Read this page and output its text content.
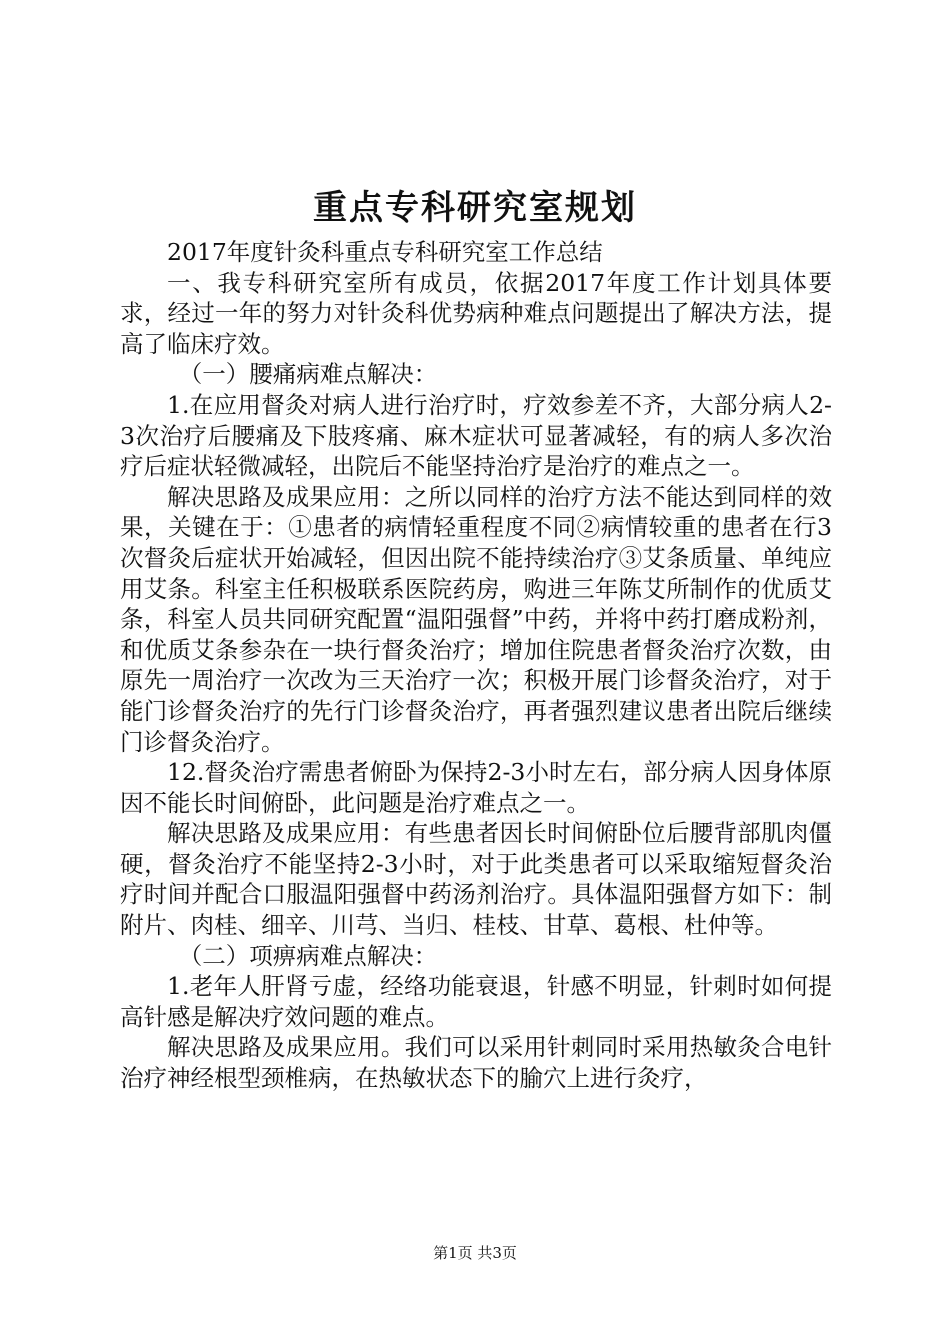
重点专科研究室规划

2017年度针灸科重点专科研究室工作总结

一、我专科研究室所有成员，依据2017年度工作计划具体要求，经过一年的努力对针灸科优势病种难点问题提出了解决方法，提高了临床疗效。

（一）腰痛病难点解决：

1.在应用督灸对病人进行治疗时，疗效参差不齐，大部分病人2-3次治疗后腰痛及下肢疼痛、麻木症状可显著减轻，有的病人多次治疗后症状轻微减轻，出院后不能坚持治疗是治疗的难点之一。

解决思路及成果应用：之所以同样的治疗方法不能达到同样的效果，关键在于：①患者的病情轻重程度不同②病情较重的患者在行3次督灸后症状开始减轻，但因出院不能持续治疗③艾条质量、单纯应用艾条。科室主任积极联系医院药房，购进三年陈艾所制作的优质艾条，科室人员共同研究配置“温阳强督”中药，并将中药打磨成粉剂，和优质艾条参杂在一块行督灸治疗；增加住院患者督灸治疗次数，由原先一周治疗一次改为三天治疗一次；积极开展门诊督灸治疗，对于能门诊督灸治疗的先行门诊督灸治疗，再者强烈建议患者出院后继续门诊督灸治疗。

12.督灸治疗需患者俯卧为保持2-3小时左右，部分病人因身体原因不能长时间俯卧，此问题是治疗难点之一。

解决思路及成果应用：有些患者因长时间俯卧位后腰背部肌肉僵硬，督灸治疗不能坚持2-3小时，对于此类患者可以采取缩短督灸治疗时间并配合口服温阳强督中药汤剂治疗。具体温阳强督方如下：制附片、肉桂、细辛、川芎、当归、桂枝、甘草、葛根、杜仲等。

（二）项痹病难点解决：

1.老年人肝肾亏虚，经络功能衰退，针感不明显，针刺时如何提高针感是解决疗效问题的难点。

解决思路及成果应用。我们可以采用针刺同时采用热敏灸合电针治疗神经根型颈椎病，在热敏状态下的腧穴上进行灸疗，

第1页 共3页
